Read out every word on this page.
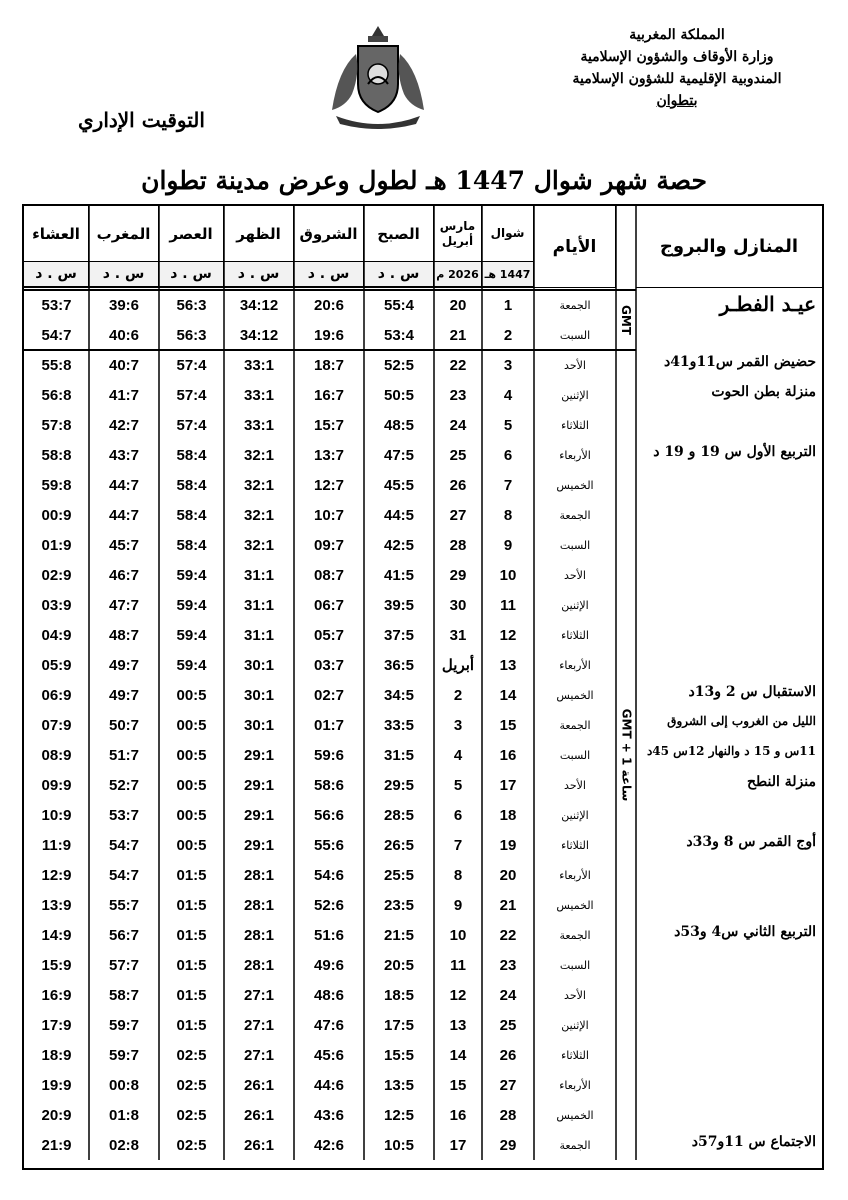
المملكة المغربية
وزارة الأوقاف والشؤون الإسلامية
المندوبية الإقليمية للشؤون الإسلامية
بتطوان
التوقيت الإداري
حصة شهر شوال 1447 هـ لطول وعرض مدينة تطوان
العشاء
س . د
المغرب
س . د
العصر
س . د
الظهر
س . د
الشروق
س . د
الصبح
س . د
مارس
أبريل
2026 م
شوال
1447 هـ
الأيام	المنازل والبروج
53:7	39:6	56:3	34:12	20:6	55:4	20	1	الجمعة
54:7	40:6	56:3	34:12	19:6	53:4	21	2	السبت
55:8	40:7	57:4	33:1	18:7	52:5	22	3	الأحد
56:8	41:7	57:4	33:1	16:7	50:5	23	4	الإثنين
57:8	42:7	57:4	33:1	15:7	48:5	24	5	الثلاثاء
58:8	43:7	58:4	32:1	13:7	47:5	25	6	الأربعاء
59:8	44:7	58:4	32:1	12:7	45:5	26	7	الخميس
00:9	44:7	58:4	32:1	10:7	44:5	27	8	الجمعة
01:9	45:7	58:4	32:1	09:7	42:5	28	9	السبت
02:9	46:7	59:4	31:1	08:7	41:5	29	10	الأحد
03:9	47:7	59:4	31:1	06:7	39:5	30	11	الإثنين
04:9	48:7	59:4	31:1	05:7	37:5	31	12	الثلاثاء
05:9	49:7	59:4	30:1	03:7	36:5	أبريل	13	الأربعاء
06:9	49:7	00:5	30:1	02:7	34:5	2	14	الخميس
07:9	50:7	00:5	30:1	01:7	33:5	3	15	الجمعة
08:9	51:7	00:5	29:1	59:6	31:5	4	16	السبت
09:9	52:7	00:5	29:1	58:6	29:5	5	17	الأحد
10:9	53:7	00:5	29:1	56:6	28:5	6	18	الإثنين
11:9	54:7	00:5	29:1	55:6	26:5	7	19	الثلاثاء
12:9	54:7	01:5	28:1	54:6	25:5	8	20	الأربعاء
13:9	55:7	01:5	28:1	52:6	23:5	9	21	الخميس
14:9	56:7	01:5	28:1	51:6	21:5	10	22	الجمعة
15:9	57:7	01:5	28:1	49:6	20:5	11	23	السبت
16:9	58:7	01:5	27:1	48:6	18:5	12	24	الأحد
17:9	59:7	01:5	27:1	47:6	17:5	13	25	الإثنين
18:9	59:7	02:5	27:1	45:6	15:5	14	26	الثلاثاء
19:9	00:8	02:5	26:1	44:6	13:5	15	27	الأربعاء
20:9	01:8	02:5	26:1	43:6	12:5	16	28	الخميس
21:9	02:8	02:5	26:1	42:6	10:5	17	29	الجمعة
GMT
GMT + 1 ساعة
عيـد الفطـر
حضيض القمر س11و41د
منزلة بطن الحوت
التربيع الأول س 19 و 19 د
الاستقبال س 2 و13د
الليل من الغروب إلى الشروق
11س و 15 د والنهار 12س 45د
منزلة النطح
أوج القمر س 8 و33د
التربيع الثاني س4 و53د
الاجتماع س 11و57د
